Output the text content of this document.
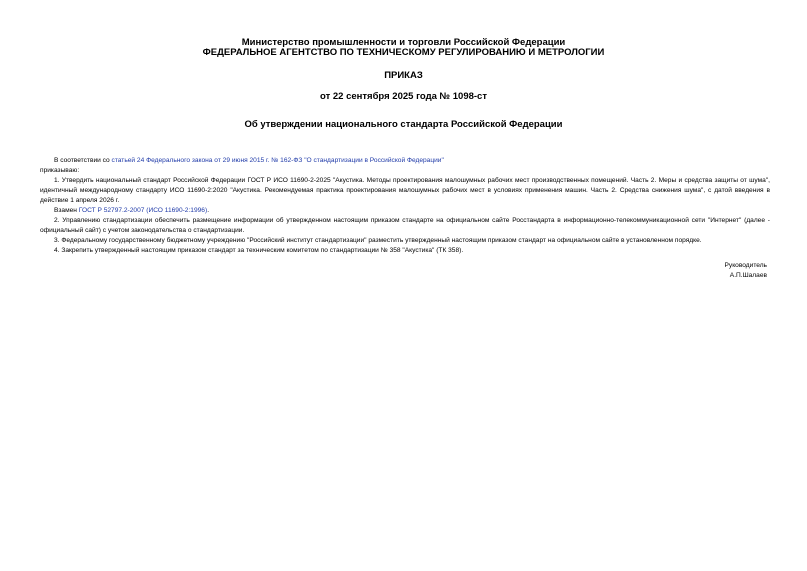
Министерство промышленности и торговли Российской Федерации
ФЕДЕРАЛЬНОЕ АГЕНТСТВО ПО ТЕХНИЧЕСКОМУ РЕГУЛИРОВАНИЮ И МЕТРОЛОГИИ
ПРИКАЗ
от 22 сентября 2025 года № 1098-ст
Об утверждении национального стандарта Российской Федерации

В соответствии со статьей 24 Федерального закона от 29 июня 2015 г. № 162-ФЗ "О стандартизации в Российской Федерации"

приказываю:

1. Утвердить национальный стандарт Российской Федерации ГОСТ Р ИСО 11690-2-2025 "Акустика. Методы проектирования малошумных рабочих мест производственных помещений. Часть 2. Меры и средства защиты от шума", идентичный международному стандарту ИСО 11690-2:2020 "Акустика. Рекомендуемая практика проектирования малошумных рабочих мест в условиях применения машин. Часть 2. Средства снижения шума", с датой введения в действие 1 апреля 2026 г.

Взамен ГОСТ Р 52797.2-2007 (ИСО 11690-2:1996).

2. Управлению стандартизации обеспечить размещение информации об утвержденном настоящим приказом стандарте на официальном сайте Росстандарта в информационно-телекоммуникационной сети "Интернет" (далее - официальный сайт) с учетом законодательства о стандартизации.

3. Федеральному государственному бюджетному учреждению "Российский институт стандартизации" разместить утвержденный настоящим приказом стандарт на официальном сайте в установленном порядке.

4. Закрепить утвержденный настоящим приказом стандарт за техническим комитетом по стандартизации № 358 "Акустика" (ТК 358).

Руководитель
А.П.Шалаев
